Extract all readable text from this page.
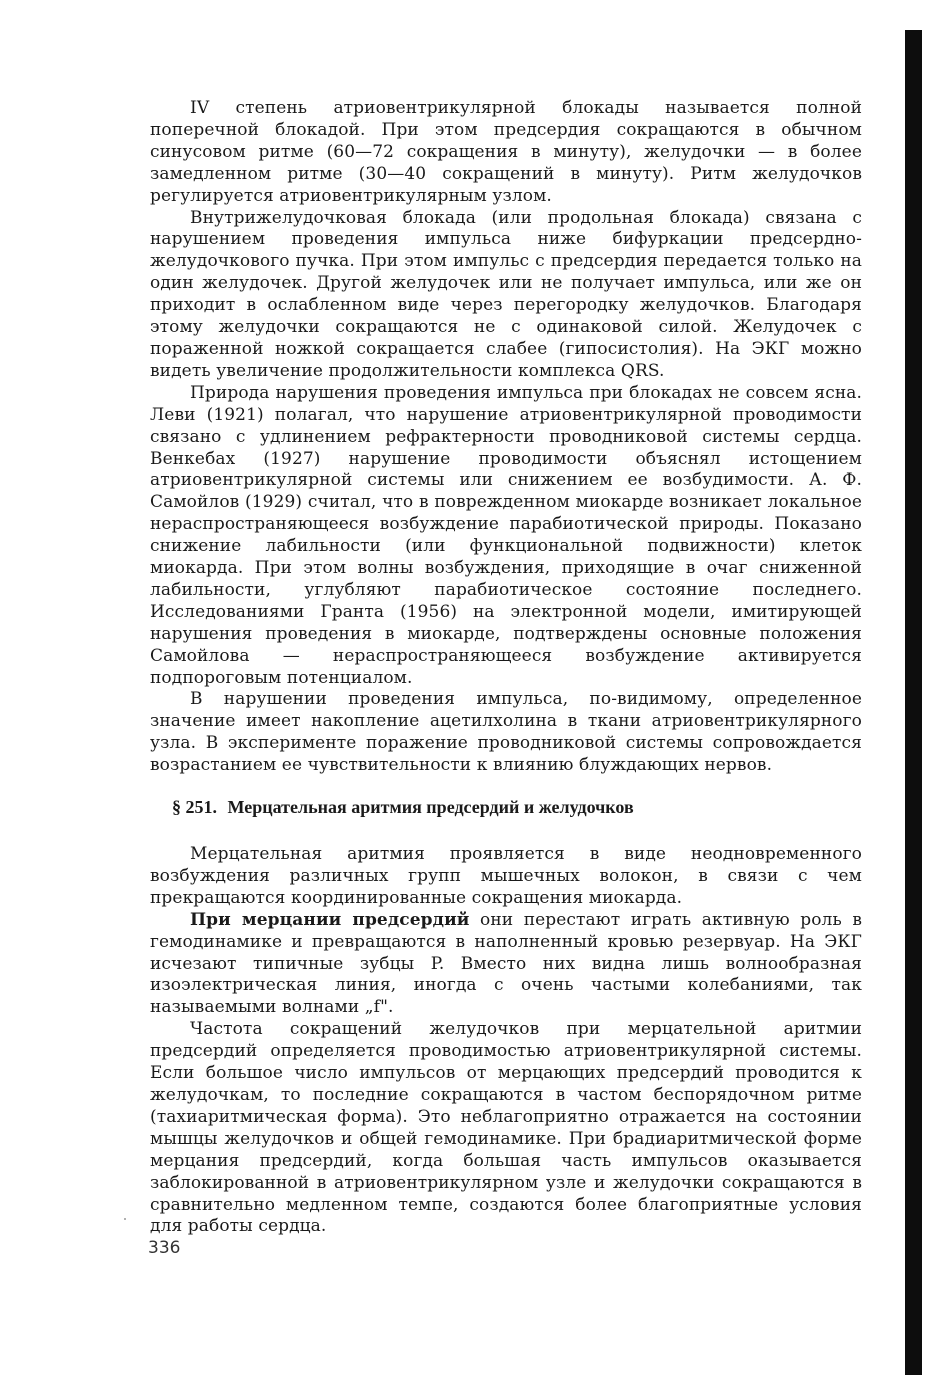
IV степень атриовентрикулярной блокады называется полной поперечной блокадой. При этом предсердия сокращаются в обычном синусовом ритме (60—72 сокращения в минуту), желудочки — в более замедленном ритме (30—40 сокращений в минуту). Ритм желудочков регулируется атриовентрикулярным узлом.

Внутрижелудочковая блокада (или продольная блокада) связана с нарушением проведения импульса ниже бифуркации предсердно-желудочкового пучка. При этом импульс с предсердия передается только на один желудочек. Другой желудочек или не получает импульса, или же он приходит в ослабленном виде через перегородку желудочков. Благодаря этому желудочки сокращаются не с одинаковой силой. Желудочек с пораженной ножкой сокращается слабее (гипосистолия). На ЭКГ можно видеть увеличение продолжительности комплекса QRS.

Природа нарушения проведения импульса при блокадах не совсем ясна. Леви (1921) полагал, что нарушение атриовентрикулярной проводимости связано с удлинением рефрактерности проводниковой системы сердца. Венкебах (1927) нарушение проводимости объяснял истощением атриовентрикулярной системы или снижением ее возбудимости. А. Ф. Самойлов (1929) считал, что в поврежденном миокарде возникает локальное нераспространяющееся возбуждение парабиотической природы. Показано снижение лабильности (или функциональной подвижности) клеток миокарда. При этом волны возбуждения, приходящие в очаг сниженной лабильности, углубляют парабиотическое состояние последнего. Исследованиями Гранта (1956) на электронной модели, имитирующей нарушения проведения в миокарде, подтверждены основные положения Самойлова — нераспространяющееся возбуждение активируется подпороговым потенциалом.

В нарушении проведения импульса, по-видимому, определенное значение имеет накопление ацетилхолина в ткани атриовентрикулярного узла. В эксперименте поражение проводниковой системы сопровождается возрастанием ее чувствительности к влиянию блуждающих нервов.

§ 251. Мерцательная аритмия предсердий и желудочков

Мерцательная аритмия проявляется в виде неодновременного возбуждения различных групп мышечных волокон, в связи с чем прекращаются координированные сокращения миокарда.

При мерцании предсердий они перестают играть активную роль в гемодинамике и превращаются в наполненный кровью резервуар. На ЭКГ исчезают типичные зубцы P. Вместо них видна лишь волнообразная изоэлектрическая линия, иногда с очень частыми колебаниями, так называемыми волнами „f".

Частота сокращений желудочков при мерцательной аритмии предсердий определяется проводимостью атриовентрикулярной системы. Если большое число импульсов от мерцающих предсердий проводится к желудочкам, то последние сокращаются в частом беспорядочном ритме (тахиаритмическая форма). Это неблагоприятно отражается на состоянии мышцы желудочков и общей гемодинамике. При брадиаритмической форме мерцания предсердий, когда большая часть импульсов оказывается заблокированной в атриовентрикулярном узле и желудочки сокращаются в сравнительно медленном темпе, создаются более благоприятные условия для работы сердца.

336
